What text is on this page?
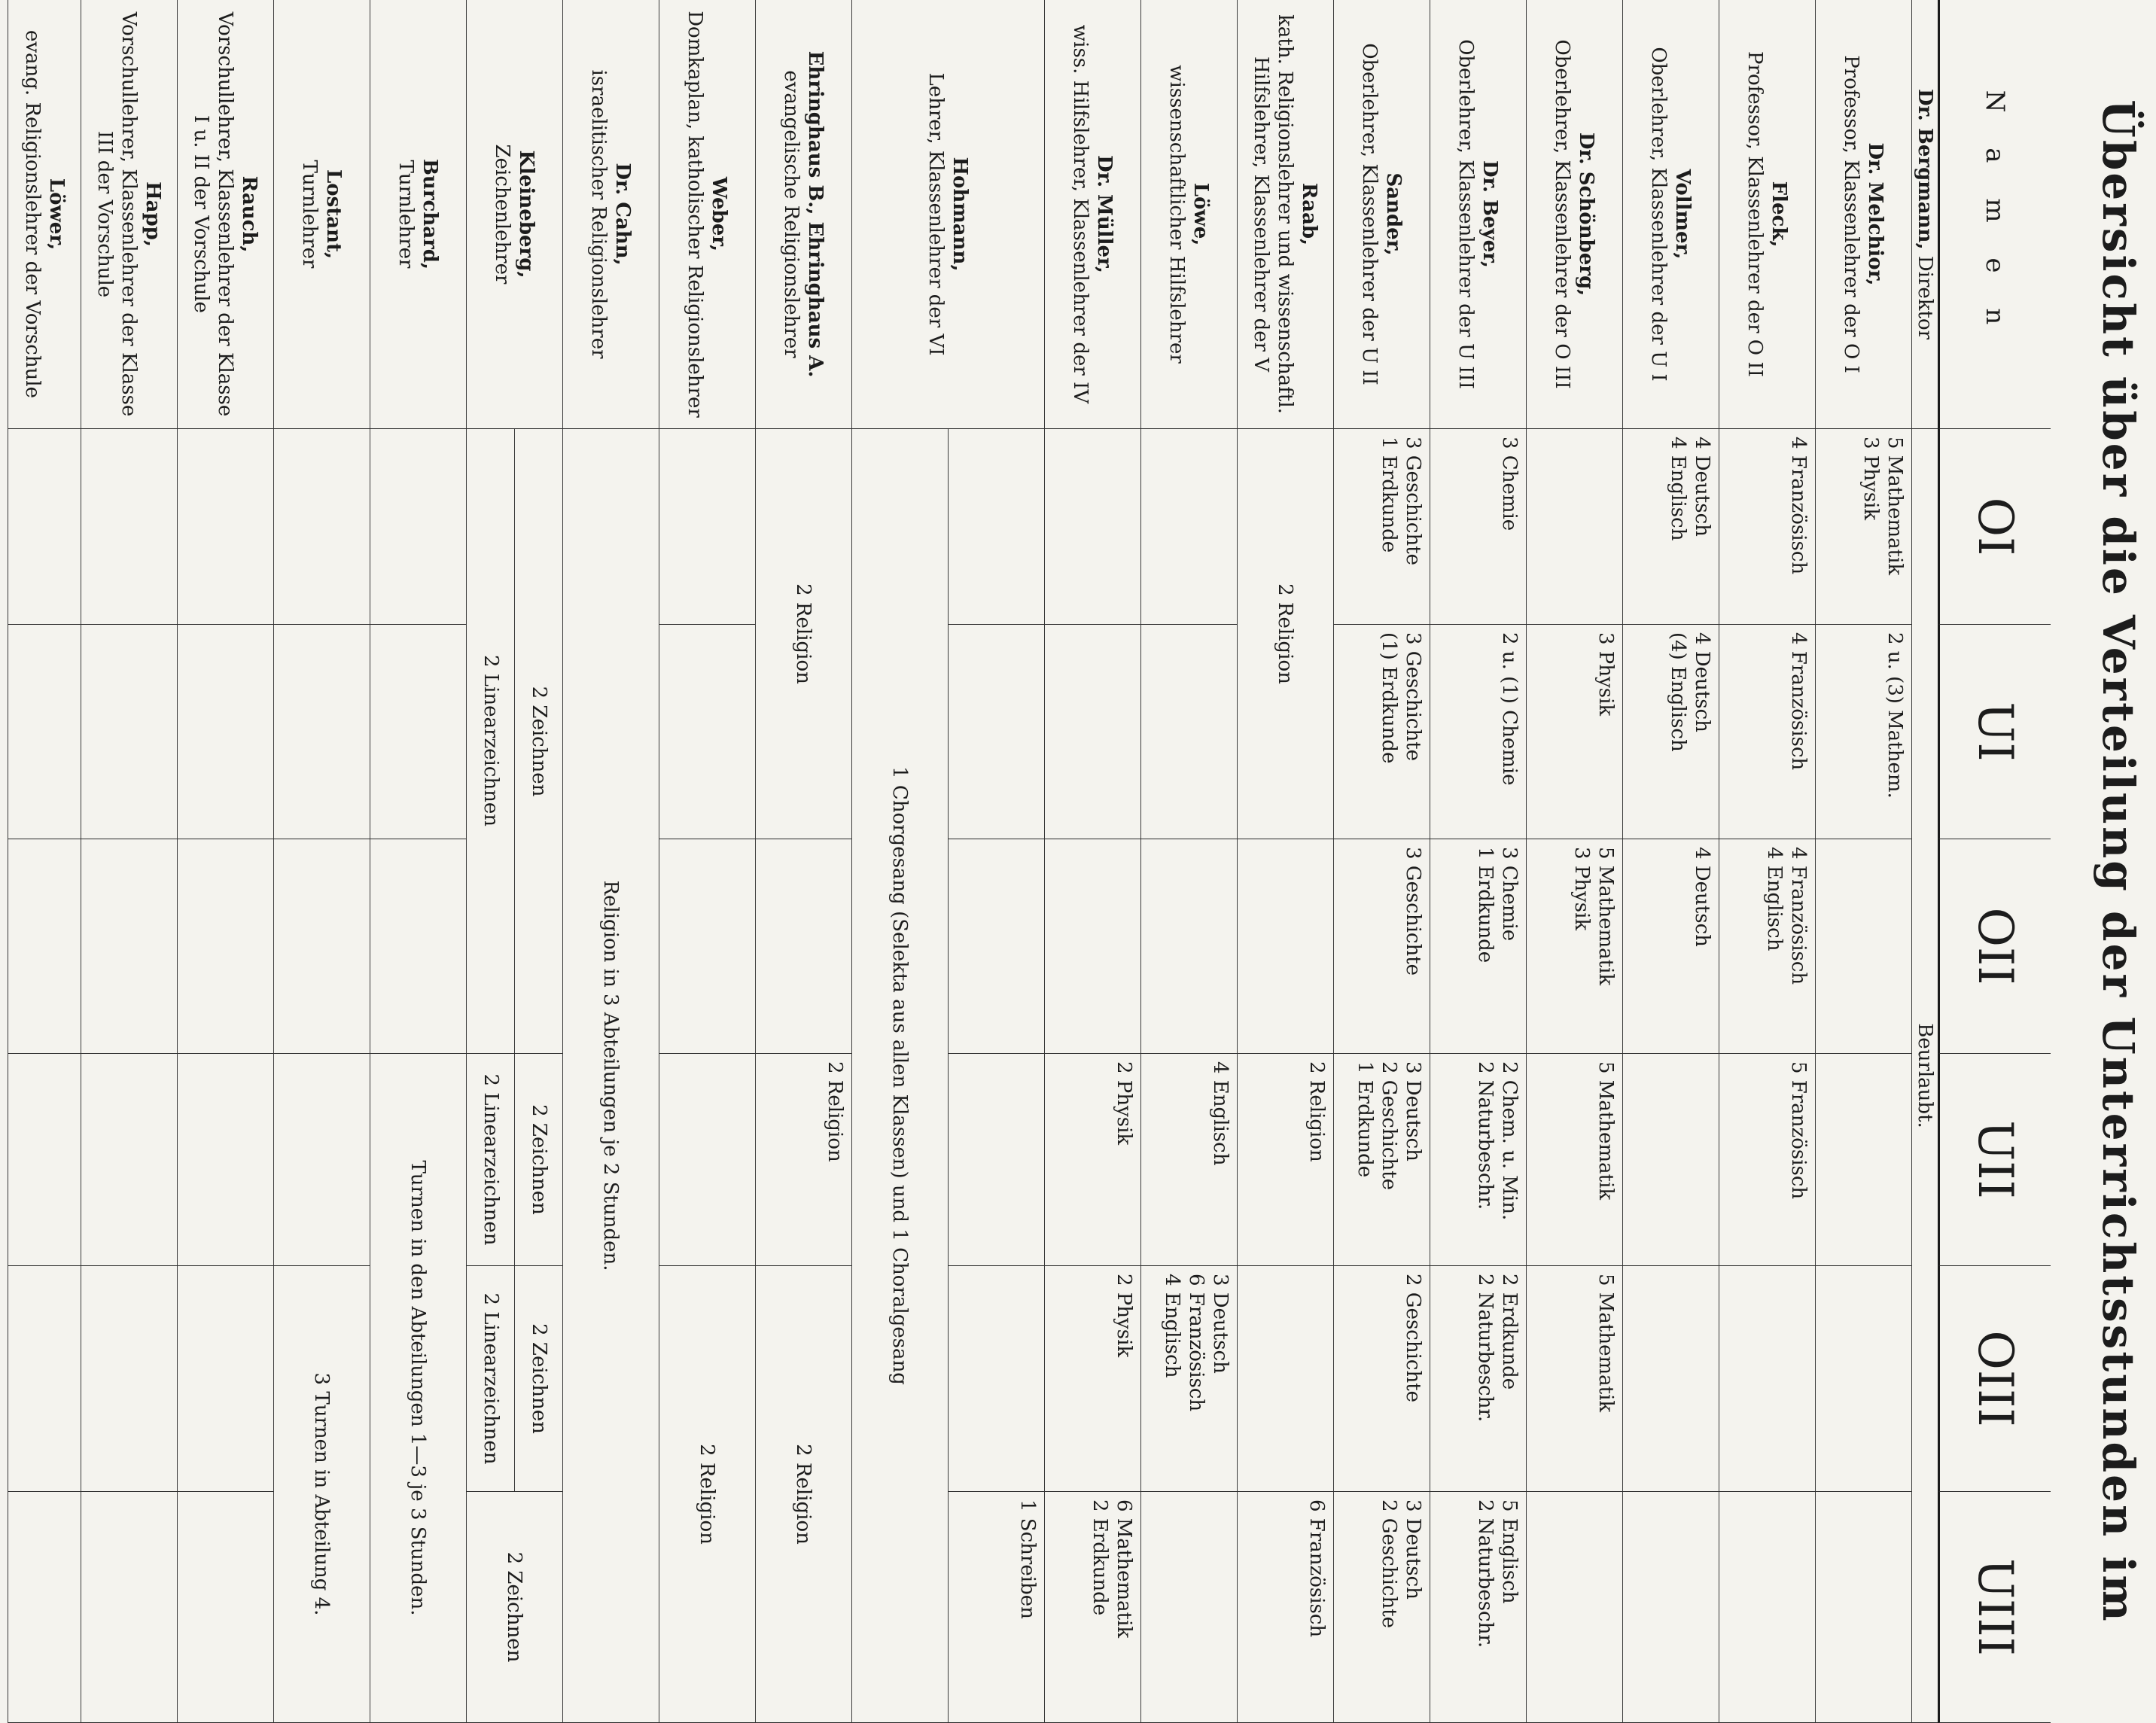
Übersicht über die Verteilung der Unterrichtsstunden im
N a m e n
OI
UI
OII
UII
OIII
UIII
Dr. Bergmann, Direktor
Beurlaubt.
Dr. Melchior,
Professor, Klassenlehrer der O I
Fleck,
Professor, Klassenlehrer der O II
Vollmer,
Oberlehrer, Klassenlehrer der U I
Dr. Schönberg,
Oberlehrer, Klassenlehrer der O III
Dr. Beyer,
Oberlehrer, Klassenlehrer der U III
Sander,
Oberlehrer, Klassenlehrer der U II
Raab,
kath. Religionslehrer und wissenschaftl. Hilfslehrer, Klassenlehrer der V
Löwe,
wissenschaftlicher Hilfslehrer
Dr. Müller,
wiss. Hilfslehrer, Klassenlehrer der IV
Hohmann,
Lehrer, Klassenlehrer der VI
Ehringhaus B., Ehringhaus A.
evangelische Religionslehrer
Weber,
Domkaplan, katholischer Religionslehrer
Dr. Cahn,
israelitischer Religionslehrer
Kleineberg,
Zeichenlehrer
Burchard,
Turnlehrer
Lostant,
Turnlehrer
Rauch,
Vorschullehrer, Klassenlehrer der Klasse I u. II der Vorschule
Happ,
Vorschullehrer, Klassenlehrer der Klasse III der Vorschule
Löwer,
evang. Religionslehrer der Vorschule
5 Mathematik
3 Physik
2 u. (3) Mathem.
4 Französisch
4 Französisch
4 Französisch
4 Englisch
5 Französisch
4 Deutsch
4 Englisch
4 Deutsch
(4) Englisch
4 Deutsch
3 Physik
5 Mathematik
3 Physik
5 Mathematik
5 Mathematik
3 Chemie
2 u. (1) Chemie
3 Chemie
1 Erdkunde
2 Chem. u. Min.
2 Naturbeschr.
2 Erdkunde
2 Naturbeschr.
5 Englisch
2 Naturbeschr.
3 Geschichte
1 Erdkunde
3 Geschichte
(1) Erdkunde
3 Geschichte
3 Deutsch
2 Geschichte
1 Erdkunde
2 Geschichte
3 Deutsch
2 Geschichte
2 Religion
2 Religion
6 Französisch
4 Englisch
3 Deutsch
6 Französisch
4 Englisch
2 Physik
2 Physik
6 Mathematik
2 Erdkunde
1 Schreiben
1 Chorgesang (Selekta aus allen Klassen) und 1 Choralgesang
2 Religion
2 Religion
2 Religion
2 Religion
Religion in 3 Abteilungen je 2 Stunden.
2 Zeichnen
2 Linearzeichnen
2 Zeichnen
2 Linearzeichnen
2 Zeichnen
2 Linearzeichnen
2 Zeichnen
Turnen in den Abteilungen 1—3 je 3 Stunden.
3 Turnen in Abteilung 4.
